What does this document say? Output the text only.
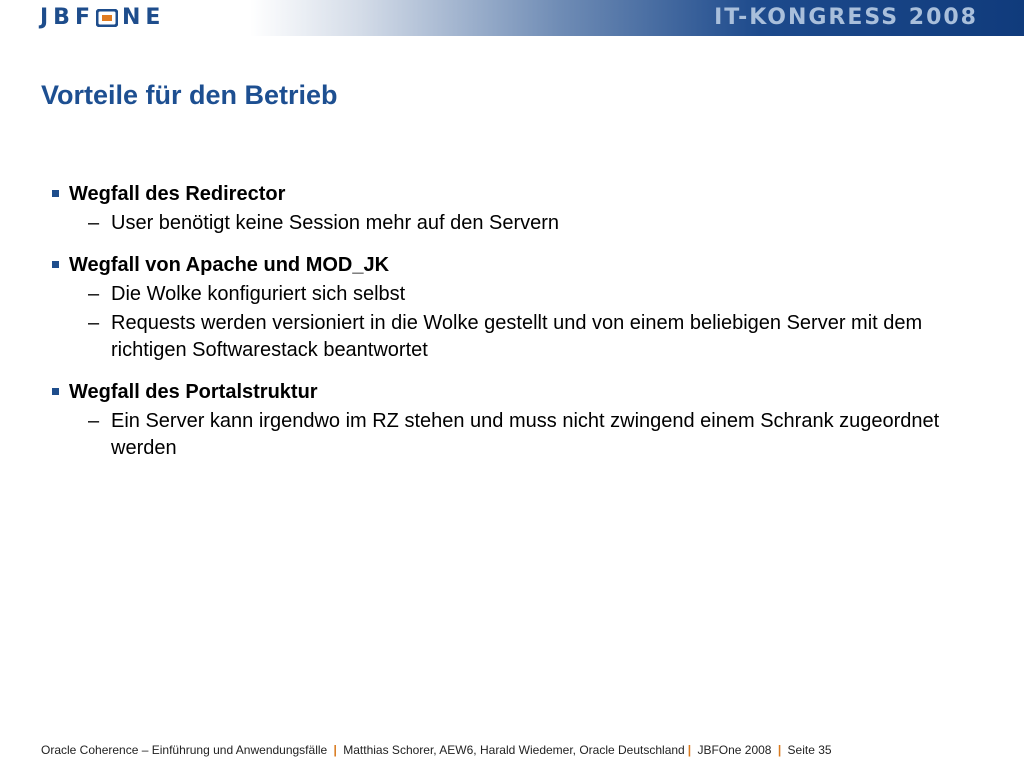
JBF NE	IT-KONGRESS 2008
Vorteile für den Betrieb
Wegfall des Redirector
– User benötigt keine Session mehr auf den Servern
Wegfall von Apache und MOD_JK
– Die Wolke konfiguriert sich selbst
– Requests werden versioniert in die Wolke gestellt und von einem beliebigen Server mit dem richtigen Softwarestack beantwortet
Wegfall des Portalstruktur
– Ein Server kann irgendwo im RZ stehen und muss nicht zwingend einem Schrank zugeordnet werden
Oracle Coherence – Einführung und Anwendungsfälle | Matthias Schorer, AEW6, Harald Wiedemer, Oracle Deutschland | JBFOne 2008 | Seite 35
